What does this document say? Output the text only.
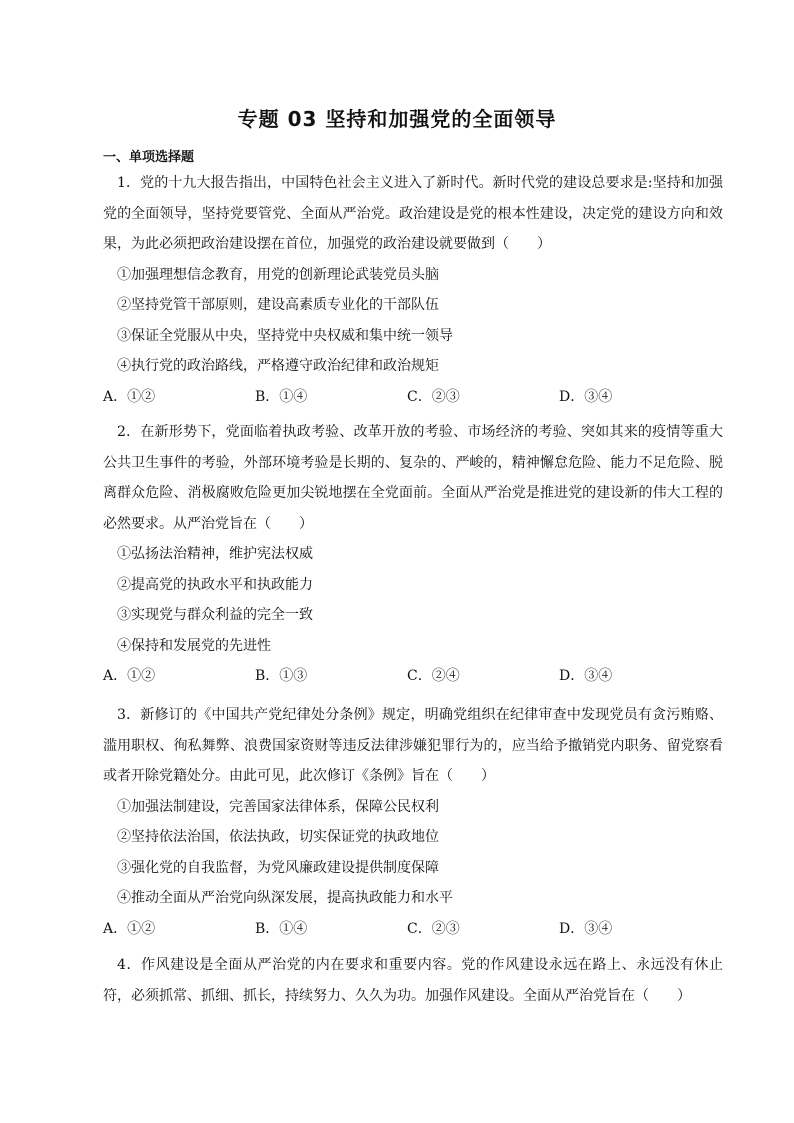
专题 03 坚持和加强党的全面领导
一、单项选择题

1．党的十九大报告指出，中国特色社会主义进入了新时代。新时代党的建设总要求是:坚持和加强党的全面领导，坚持党要管党、全面从严治党。政治建设是党的根本性建设，决定党的建设方向和效果，为此必须把政治建设摆在首位，加强党的政治建设就要做到（　　）

①加强理想信念教育，用党的创新理论武装党员头脑

②坚持党管干部原则，建设高素质专业化的干部队伍

③保证全党服从中央，坚持党中央权威和集中统一领导

④执行党的政治路线，严格遵守政治纪律和政治规矩

A．①②	B．①④	C．②③	D．③④

2．在新形势下，党面临着执政考验、改革开放的考验、市场经济的考验、突如其来的疫情等重大公共卫生事件的考验，外部环境考验是长期的、复杂的、严峻的，精神懈怠危险、能力不足危险、脱离群众危险、消极腐败危险更加尖锐地摆在全党面前。全面从严治党是推进党的建设新的伟大工程的必然要求。从严治党旨在（　　）

①弘扬法治精神，维护宪法权威

②提高党的执政水平和执政能力

③实现党与群众利益的完全一致

④保持和发展党的先进性

A．①②	B．①③	C．②④	D．③④

3．新修订的《中国共产党纪律处分条例》规定，明确党组织在纪律审查中发现党员有贪污贿赂、滥用职权、徇私舞弊、浪费国家资财等违反法律涉嫌犯罪行为的，应当给予撤销党内职务、留党察看或者开除党籍处分。由此可见，此次修订《条例》旨在（　　）

①加强法制建设，完善国家法律体系，保障公民权利

②坚持依法治国，依法执政，切实保证党的执政地位

③强化党的自我监督，为党风廉政建设提供制度保障

④推动全面从严治党向纵深发展，提高执政能力和水平

A．①②	B．①④	C．②③	D．③④

4．作风建设是全面从严治党的内在要求和重要内容。党的作风建设永远在路上、永远没有休止符，必须抓常、抓细、抓长，持续努力、久久为功。加强作风建设。全面从严治党旨在（　　）
